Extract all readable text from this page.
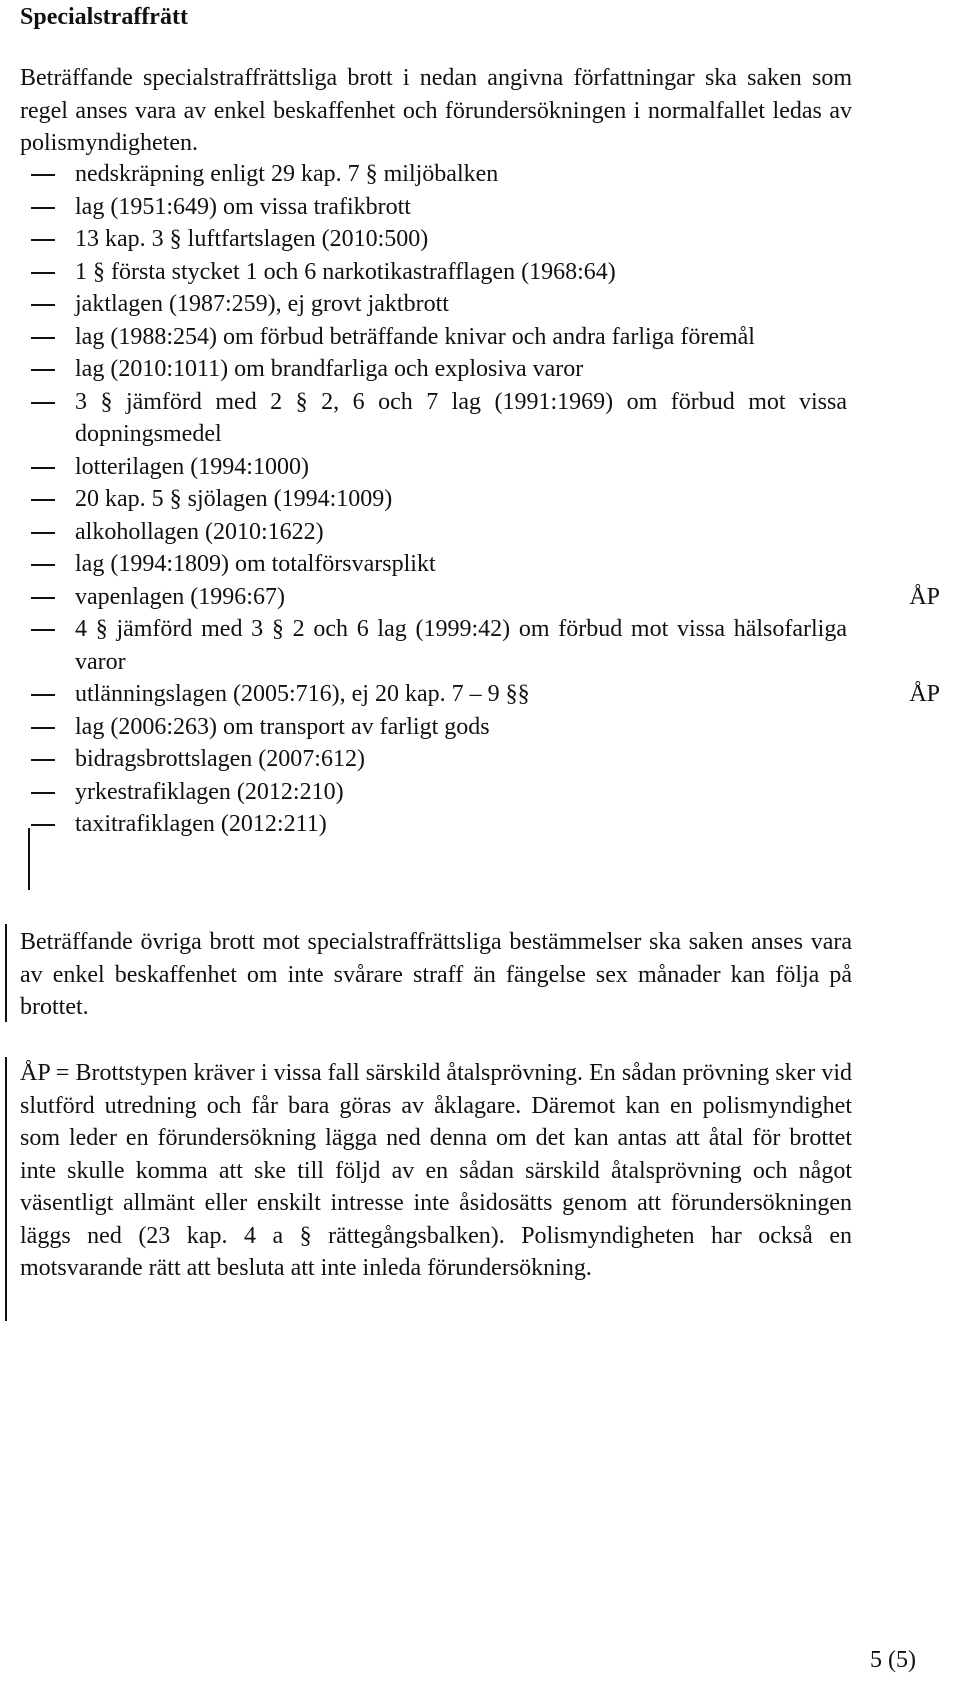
Specialstraffrätt

Beträffande specialstraffrättsliga brott i nedan angivna författningar ska saken som regel anses vara av enkel beskaffenhet och förundersökningen i normalfallet ledas av polismyndigheten.

nedskräpning enligt 29 kap. 7 § miljöbalken
lag (1951:649) om vissa trafikbrott
13 kap. 3 § luftfartslagen (2010:500)
1 § första stycket 1 och 6 narkotikastrafflagen (1968:64)
jaktlagen (1987:259), ej grovt jaktbrott
lag (1988:254) om förbud beträffande knivar och andra farliga föremål
lag (2010:1011) om brandfarliga och explosiva varor
3 § jämförd med 2 § 2, 6 och 7 lag (1991:1969) om förbud mot vissa dopningsmedel
lotterilagen (1994:1000)
20 kap. 5 § sjölagen (1994:1009)
alkohollagen (2010:1622)
lag (1994:1809) om totalförsvarsplikt
vapenlagen (1996:67)	ÅP
4 § jämförd med 3 § 2 och 6 lag (1999:42) om förbud mot vissa hälsofarliga varor
utlänningslagen (2005:716), ej 20 kap. 7 – 9 §§	ÅP
lag (2006:263) om transport av farligt gods
bidragsbrottslagen (2007:612)
yrkestrafiklagen (2012:210)
taxitrafiklagen (2012:211)

Beträffande övriga brott mot specialstraffrättsliga bestämmelser ska saken anses vara av enkel beskaffenhet om inte svårare straff än fängelse sex månader kan följa på brottet.

ÅP = Brottstypen kräver i vissa fall särskild åtalsprövning. En sådan prövning sker vid slutförd utredning och får bara göras av åklagare. Däremot kan en polismyndighet som leder en förundersökning lägga ned denna om det kan antas att åtal för brottet inte skulle komma att ske till följd av en sådan särskild åtalsprövning och något väsentligt allmänt eller enskilt intresse inte åsidosätts genom att förundersökningen läggs ned (23 kap. 4 a § rättegångsbalken). Polismyndigheten har också en motsvarande rätt att besluta att inte inleda förundersökning.

5 (5)
